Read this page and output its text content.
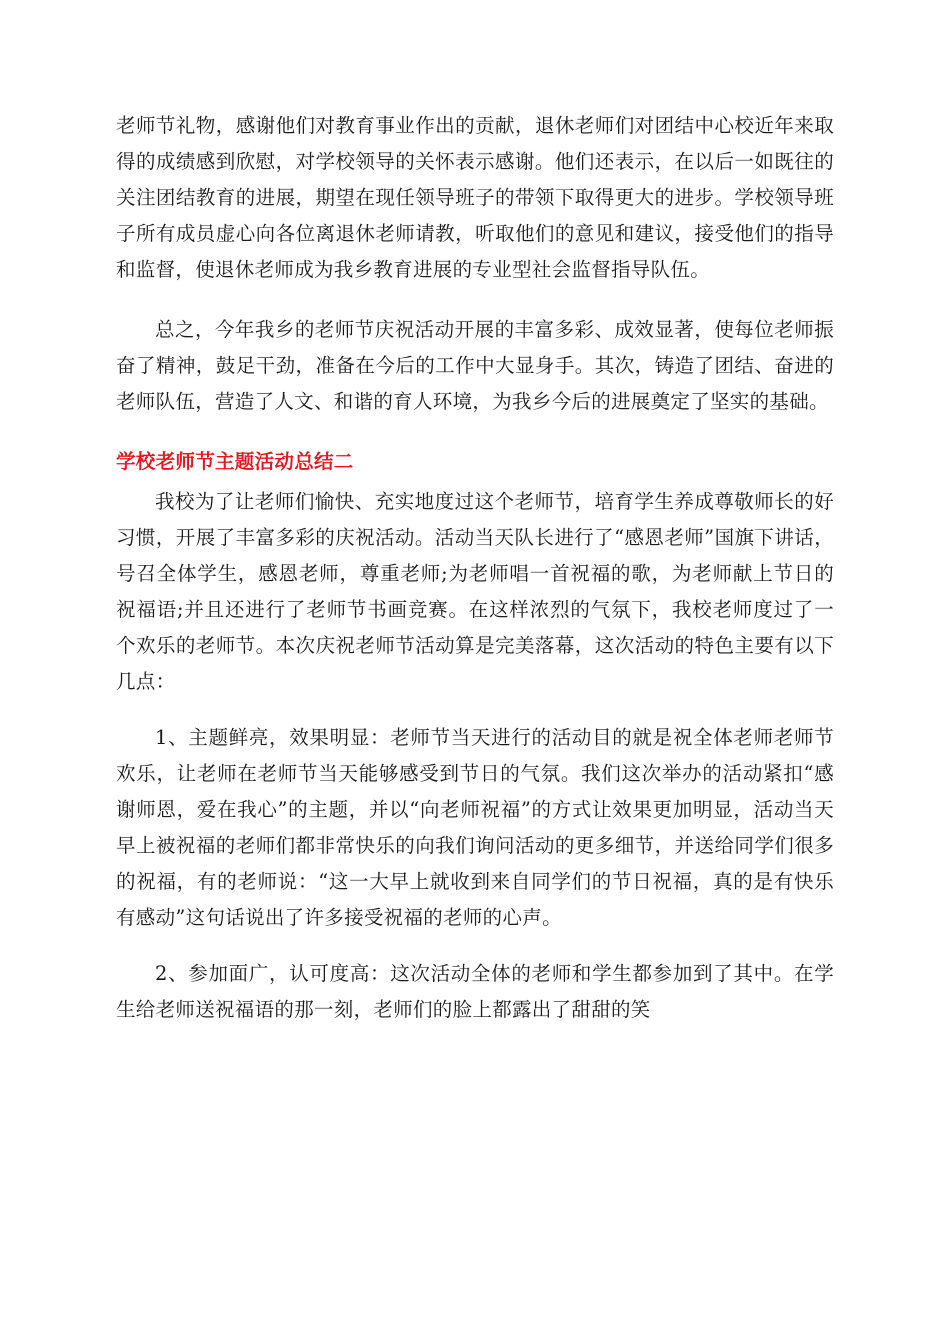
老师节礼物，感谢他们对教育事业作出的贡献，退休老师们对团结中心校近年来取得的成绩感到欣慰，对学校领导的关怀表示感谢。他们还表示，在以后一如既往的关注团结教育的进展，期望在现任领导班子的带领下取得更大的进步。学校领导班子所有成员虚心向各位离退休老师请教，听取他们的意见和建议，接受他们的指导和监督，使退休老师成为我乡教育进展的专业型社会监督指导队伍。

总之，今年我乡的老师节庆祝活动开展的丰富多彩、成效显著，使每位老师振奋了精神，鼓足干劲，准备在今后的工作中大显身手。其次，铸造了团结、奋进的老师队伍，营造了人文、和谐的育人环境，为我乡今后的进展奠定了坚实的基础。

学校老师节主题活动总结二

我校为了让老师们愉快、充实地度过这个老师节，培育学生养成尊敬师长的好习惯，开展了丰富多彩的庆祝活动。活动当天队长进行了“感恩老师”国旗下讲话，号召全体学生，感恩老师，尊重老师;为老师唱一首祝福的歌，为老师献上节日的祝福语;并且还进行了老师节书画竞赛。在这样浓烈的气氛下，我校老师度过了一个欢乐的老师节。本次庆祝老师节活动算是完美落幕，这次活动的特色主要有以下几点：

1、主题鲜亮，效果明显：老师节当天进行的活动目的就是祝全体老师老师节欢乐，让老师在老师节当天能够感受到节日的气氛。我们这次举办的活动紧扣“感谢师恩，爱在我心”的主题，并以“向老师祝福”的方式让效果更加明显，活动当天早上被祝福的老师们都非常快乐的向我们询问活动的更多细节，并送给同学们很多的祝福，有的老师说：“这一大早上就收到来自同学们的节日祝福，真的是有快乐有感动”这句话说出了许多接受祝福的老师的心声。

2、参加面广，认可度高：这次活动全体的老师和学生都参加到了其中。在学生给老师送祝福语的那一刻，老师们的脸上都露出了甜甜的笑
